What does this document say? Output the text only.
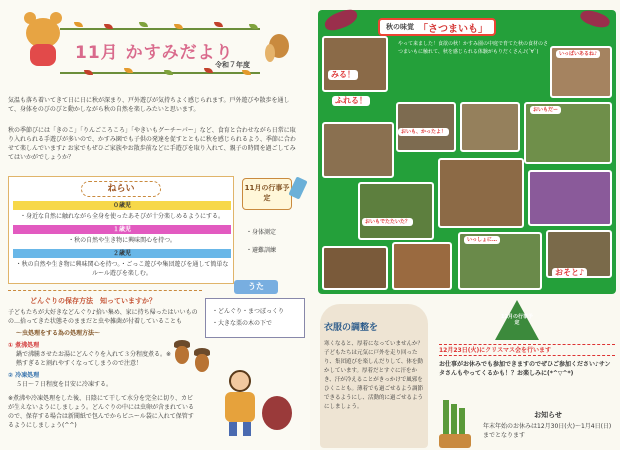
11月 かすみだより
令和７年度
気温も落ち着いてきて日に日に秋が深まり、戸外遊びが気持ちよく感じられます。戸外遊びや散歩を通して、身体をのびのびと動かしながら秋の自然を楽しみたいと思います。
秋の季節びには「きのこ」「りんごころころ」「やきいもグーチーパー」など、食育と合わせながら日常に取り入れられる手遊びが多いので、かすみ園でも子供の発達を促すとともに秋を感じられるよう、季節に合わせて楽しんでいます♪ お家でもぜひご家族やお散歩前などに手遊びを取り入れて、親子の時間を過ごしてみてはいかがでしょうか？
ねらい
０歳児
・身近な自然に触れながら全身を使ったあそびが十分楽しめるようにする。
１歳児
・秋の自然や生き物に興味関心を持つ。
２歳児
・秋の自然や生き物に興味関心を持つ。・ごっこ遊びや集団遊びを通して簡単なルール遊びを楽しむ。
11月の行事予定
・身体測定
・避難訓練
うた
・どんぐり・まつぼっくり
・大きな栗の木の下で
どんぐりの保存方法　知っていますか？
子どもたちが大好きなどんぐり♪拾い集め、家に持ち帰ったはいいものの…拾ってきた状態そのままだと虫や雑菌が付着していることも
〜虫処理をする為の処理方法〜
① 煮沸処理
鍋で沸騰させたお湯にどんぐりを入れて３分程度煮る。※熱すぎると割れやすくなってしまうので注意！
② 冷凍処理
５日〜７日程度を目安に冷凍する。
※煮沸や冷凍処理をした後、日陰にて干して水分を完全に切り、カビが生えないようにしましょう。どんぐりの中には虫卵が含まれているので、保存する場合は新聞紙で包んでからビニール袋に入れて保管するようにしましょう(^^)
秋の味覚 「さつまいも」
やって来ました！食欲の秋！かすみ園の中庭で育てた秋の食材のさつまいもに触れて、秋を感じられる体験がもりだくさん♪(´∀`)
みる！
ふれる！
いっぱいあるね♪
おいも、かったよ！
おいもだー
おいもでたたいた？
いっしょに…
おそと♪
衣服の調整を
寒くなると、厚着になっていませんか？子どもたちは元気に戸外を走り回ったり、集団遊びを楽しんだりして、体を動かしています。厚着だとすぐに汗をかき、汗が冷えることがきっかけで風邪をひくことも。薄着でも過ごせるよう調節できるようにし、活動的に過ごせるようにしましょう。
12月の行事予定
12月23日(火)にクリスマス会を行います
お仕事がお休みでも参加できますのでぜひご参加ください♪サンタさんもやってくるかも！？お楽しみに(*^▽^*)
お知らせ
年末年始のお休みは12月30日(火)〜1月4日(日)までとなります
